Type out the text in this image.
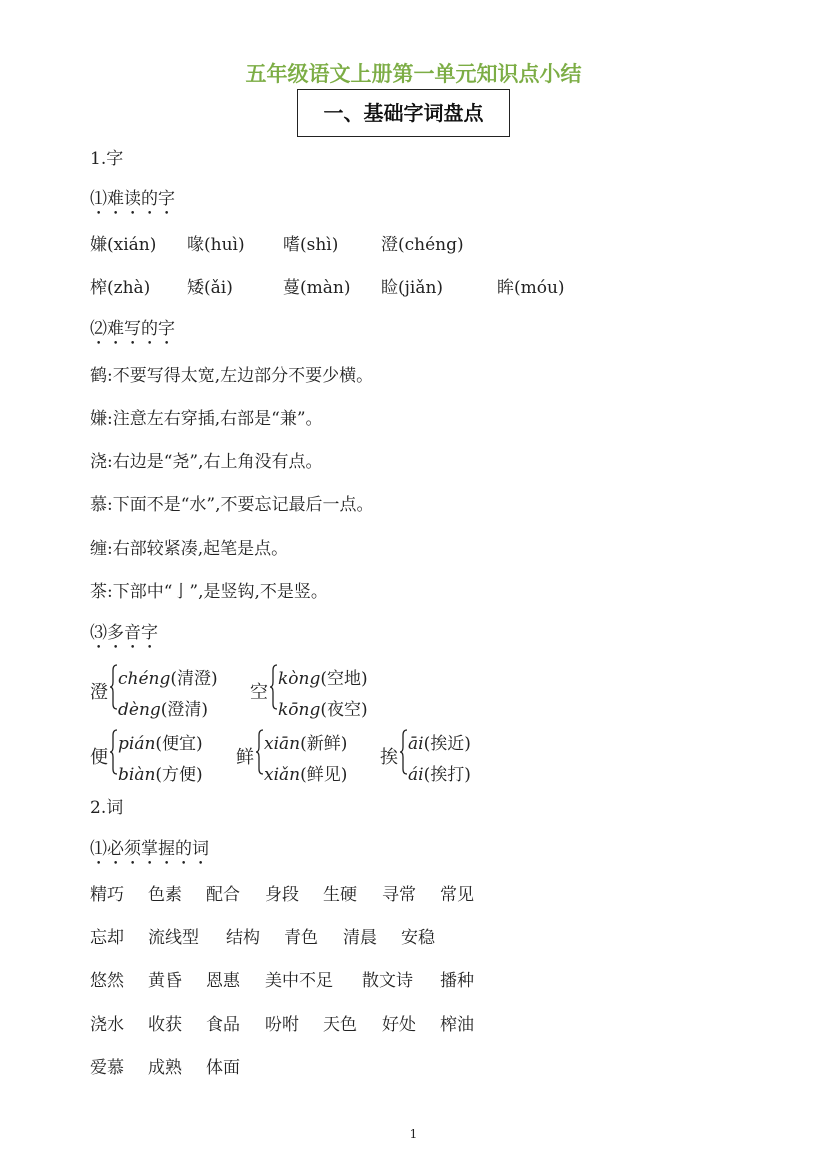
五年级语文上册第一单元知识点小结
一、基础字词盘点
1.字
⑴难读的字
嫌(xián) 喙(huì) 嗜(shì)	澄(chéng)
榨(zhà) 矮(ǎi)	蔓(màn) 睑(jiǎn)	眸(móu)
⑵难写的字
鹤:不要写得太宽,左边部分不要少横。
嫌:注意左右穿插,右部是“兼”。
浇:右边是“尧”,右上角没有点。
慕:下面不是“水”,不要忘记最后一点。
缠:右部较紧凑,起笔是点。
茶:下部中“亅”,是竖钩,不是竖。
⑶多音字
澄
chéng(清澄)
dèng(澄清)
空
kòng(空地)
kōng(夜空)
便
pián(便宜)
biàn(方便)
鲜
xiān(新鲜)
xiǎn(鲜见)
挨
āi(挨近)
ái(挨打)
2.词
⑴必须掌握的词
精巧 色素 配合 身段 生硬 寻常 常见
忘却 流线型 结构 青色 清晨 安稳
悠然 黄昏 恩惠 美中不足 散文诗 播种
浇水 收获 食品 吩咐 天色 好处 榨油
爱慕 成熟 体面
1
